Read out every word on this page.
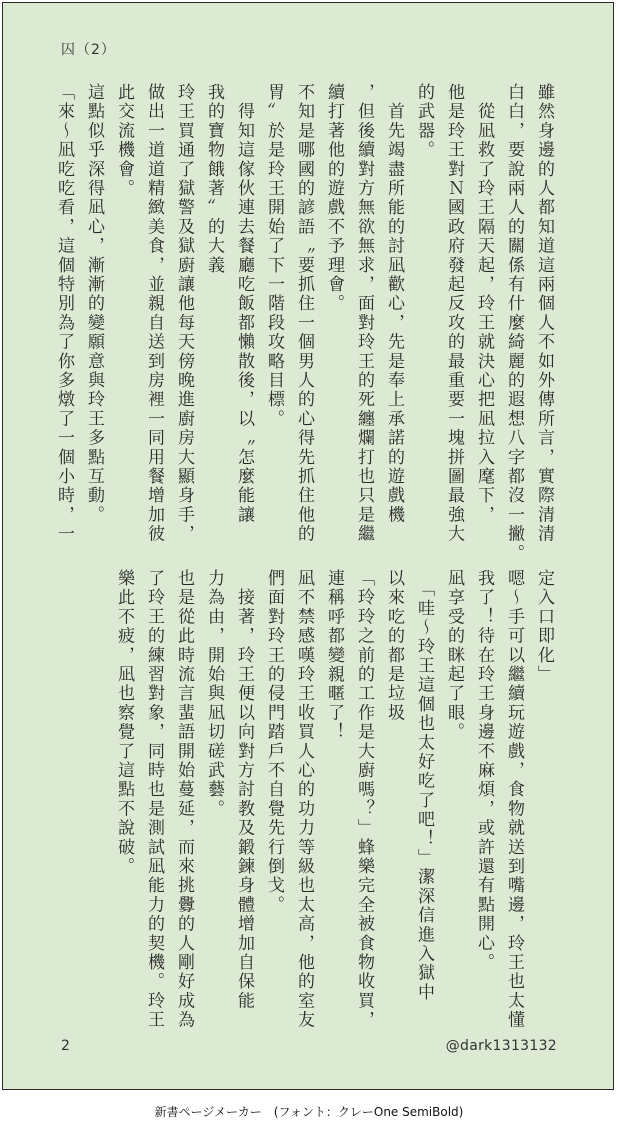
囚（2）

雖然身邊的人都知道這兩個人不如外傳所言，實際清清

白白，要說兩人的關係有什麼綺麗的遐想八字都沒一撇。

　從凪救了玲王隔天起，玲王就決心把凪拉入麾下，

他是玲王對Ｎ國政府發起反攻的最重要一塊拼圖最強大

的武器。

　首先竭盡所能的討凪歡心，先是奉上承諾的遊戲機

，但後續對方無欲無求，面對玲王的死纏爛打也只是繼

續打著他的遊戲不予理會。

不知是哪國的諺語〝要抓住一個男人的心得先抓住他的

胃〞於是玲王開始了下一階段攻略目標。

　得知這傢伙連去餐廳吃飯都懶散後，以〝怎麼能讓

我的寶物餓著〞的大義

玲王買通了獄警及獄廚讓他每天傍晚進廚房大顯身手，

做出一道道精緻美食，並親自送到房裡一同用餐增加彼

此交流機會。

這點似乎深得凪心，漸漸的變願意與玲王多點互動。

「來～凪吃吃看，這個特別為了你多燉了一個小時，一

定入口即化」

嗯～手可以繼續玩遊戲，食物就送到嘴邊，玲王也太懂

我了！待在玲王身邊不麻煩，或許還有點開心。

凪享受的眯起了眼。

　「哇～玲王這個也太好吃了吧！」潔深信進入獄中

以來吃的都是垃圾

「玲玲之前的工作是大廚嗎？」蜂樂完全被食物收買，

連稱呼都變親暱了！

凪不禁感嘆玲王收買人心的功力等級也太高，他的室友

們面對玲王的侵門踏戶不自覺先行倒戈。

　接著，玲王便以向對方討教及鍛鍊身體增加自保能

力為由，開始與凪切磋武藝。

也是從此時流言蜚語開始蔓延，而來挑釁的人剛好成為

了玲王的練習對象，同時也是測試凪能力的契機。玲王

樂此不疲，凪也察覺了這點不說破。

2	@dark1313132
新書ページメーカー　(フォント：クレーOne SemiBold)
